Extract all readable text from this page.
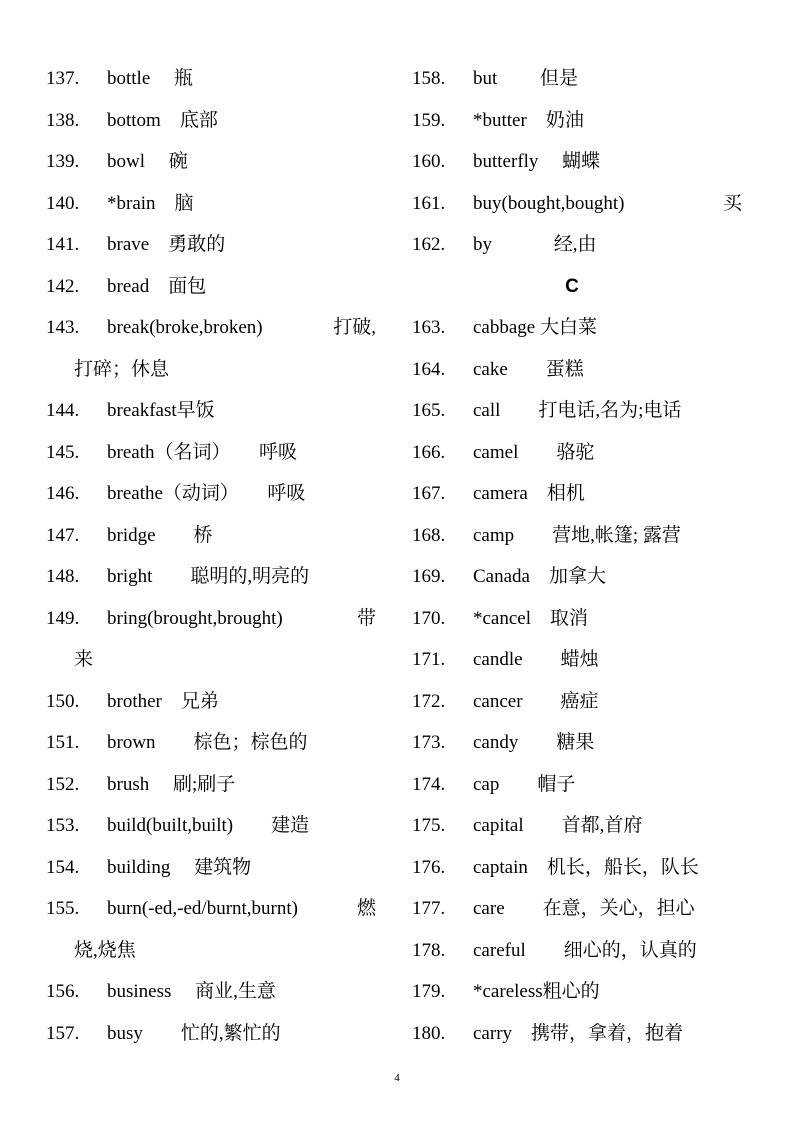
137. bottle　 瓶
138. bottom　底部
139. bowl　 碗
140. *brain　脑
141. brave　勇敢的
142. bread　面包
143. break(broke,broken)	打破,
打碎；休息
144. breakfast早饭
145. breath（名词）　　呼吸
146. breathe（动词）　　呼吸
147. bridge　　桥
148. bright　　聪明的,明亮的
149. bring(brought,brought)	带
来
150. brother　兄弟
151. brown　　棕色；棕色的
152. brush　 刷;刷子
153. build(built,built)　　建造
154. building　 建筑物
155. burn(-ed,-ed/burnt,burnt)	燃
烧,烧焦
156. business　 商业,生意
157. busy　　忙的,繁忙的
158. but　　 但是
159. *butter　奶油
160. butterfly　 蝴蝶
161. buy(bought,bought)	买
162. by　　　 经,由
C
163. cabbage 大白菜
164. cake　　蛋糕
165. call　　打电话,名为;电话
166. camel　　骆驼
167. camera　相机
168. camp　　营地,帐篷; 露营
169. Canada　加拿大
170. *cancel　取消
171. candle　　蜡烛
172. cancer　　癌症
173. candy　　糖果
174. cap　　帽子
175. capital　　首都,首府
176. captain　机长，船长，队长
177. care　　在意，关心，担心
178. careful　　细心的，认真的
179. *careless粗心的
180. carry　携带，拿着，抱着
4
